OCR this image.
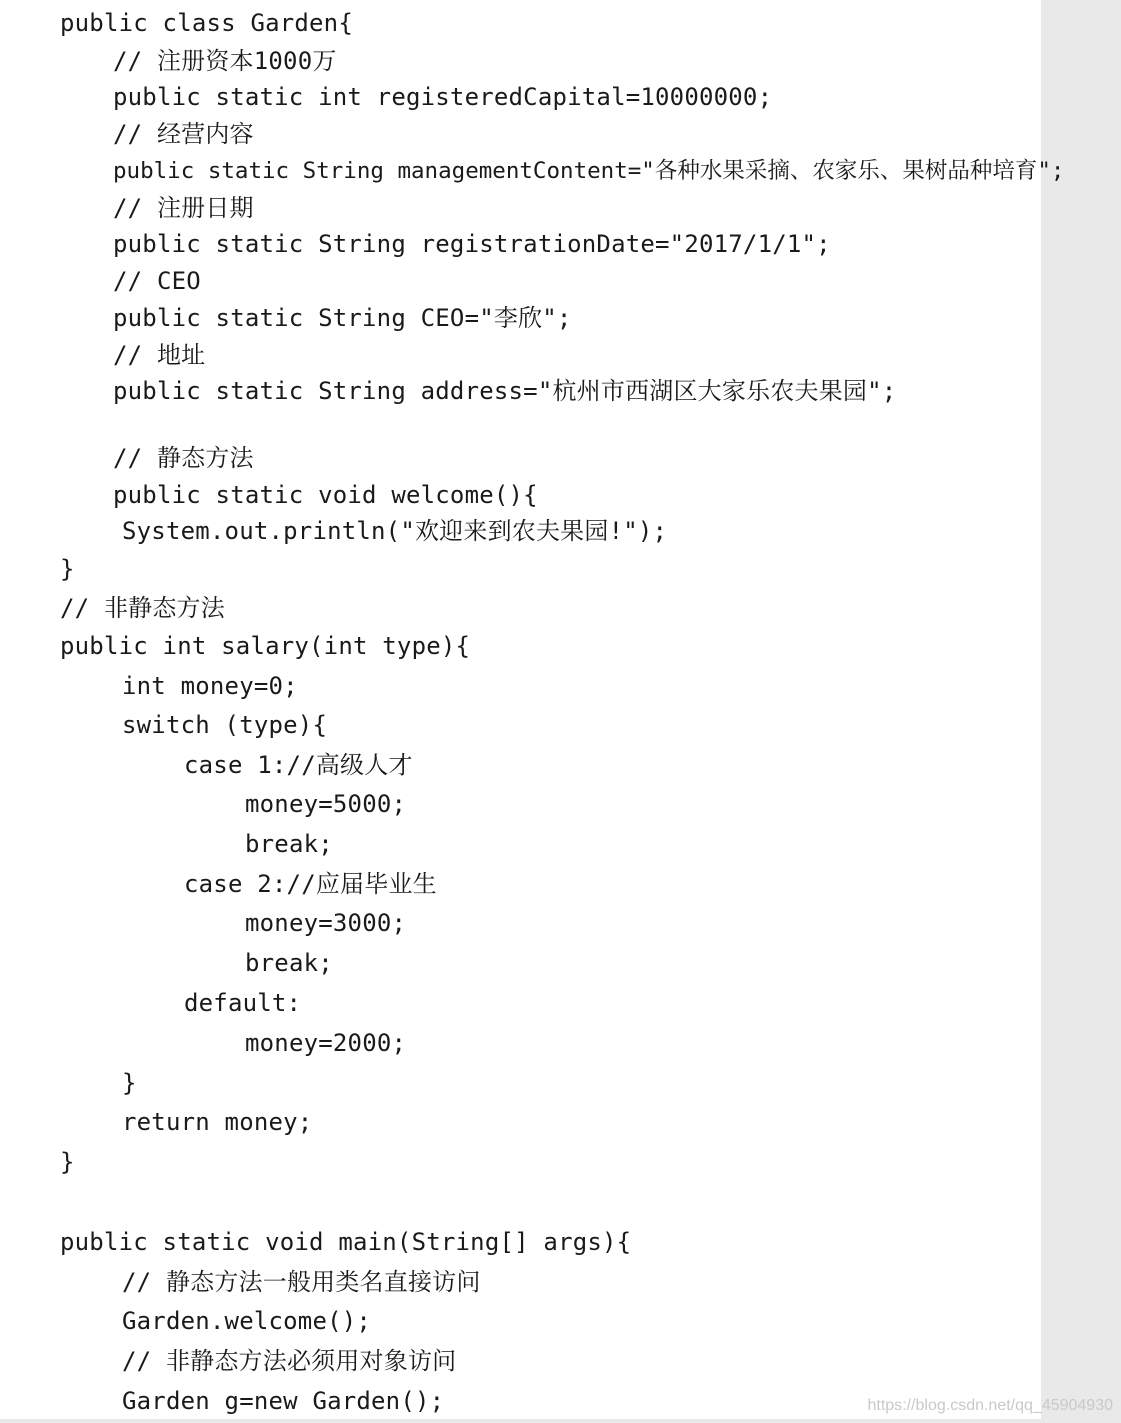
public class Garden{
// 注册资本1000万
public static int registeredCapital=10000000;
// 经营内容
public static String managementContent="各种水果采摘、农家乐、果树品种培育";
// 注册日期
public static String registrationDate="2017/1/1";
// CEO
public static String CEO="李欣";
// 地址
public static String address="杭州市西湖区大家乐农夫果园";
// 静态方法
public static void welcome(){
System.out.println("欢迎来到农夫果园!");
}
// 非静态方法
public int salary(int type){
int money=0;
switch (type){
case 1://高级人才
money=5000;
break;
case 2://应届毕业生
money=3000;
break;
default:
money=2000;
}
return money;
}
public static void main(String[] args){
// 静态方法一般用类名直接访问
Garden.welcome();
// 非静态方法必须用对象访问
Garden g=new Garden();	https://blog.csdn.net/qq_45904930
